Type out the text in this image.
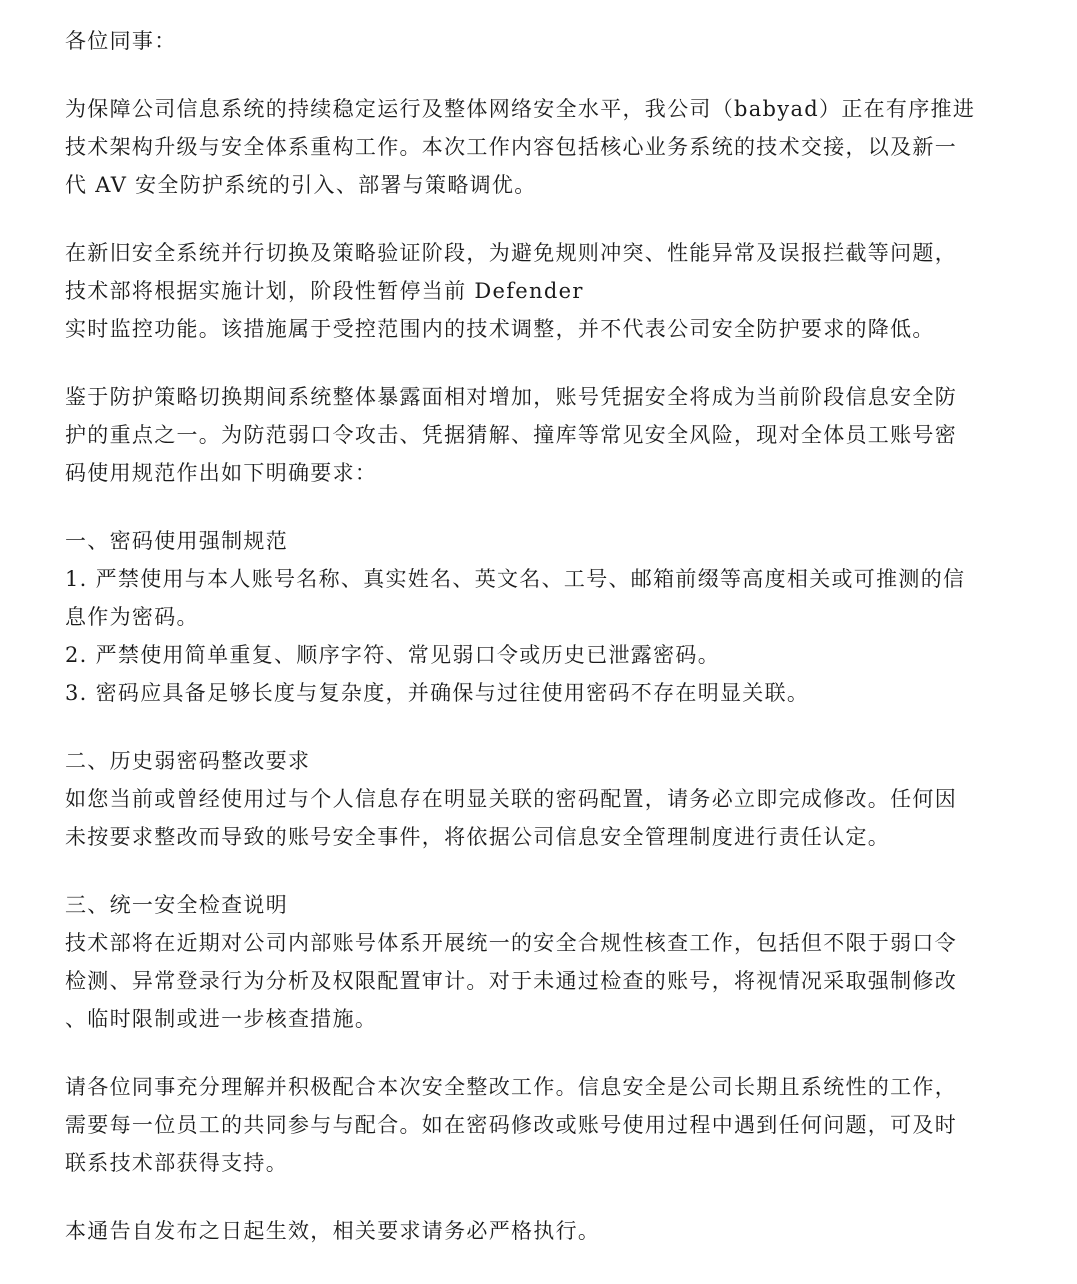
各位同事：
为保障公司信息系统的持续稳定运行及整体网络安全水平，我公司（babyad）正在有序推进
技术架构升级与安全体系重构工作。本次工作内容包括核心业务系统的技术交接，以及新一
代 AV 安全防护系统的引入、部署与策略调优。
在新旧安全系统并行切换及策略验证阶段，为避免规则冲突、性能异常及误报拦截等问题，
技术部将根据实施计划，阶段性暂停当前 Defender
实时监控功能。该措施属于受控范围内的技术调整，并不代表公司安全防护要求的降低。
鉴于防护策略切换期间系统整体暴露面相对增加，账号凭据安全将成为当前阶段信息安全防
护的重点之一。为防范弱口令攻击、凭据猜解、撞库等常见安全风险，现对全体员工账号密
码使用规范作出如下明确要求：
一、密码使用强制规范
1. 严禁使用与本人账号名称、真实姓名、英文名、工号、邮箱前缀等高度相关或可推测的信
息作为密码。
2. 严禁使用简单重复、顺序字符、常见弱口令或历史已泄露密码。
3. 密码应具备足够长度与复杂度，并确保与过往使用密码不存在明显关联。
二、历史弱密码整改要求
如您当前或曾经使用过与个人信息存在明显关联的密码配置，请务必立即完成修改。任何因
未按要求整改而导致的账号安全事件，将依据公司信息安全管理制度进行责任认定。
三、统一安全检查说明
技术部将在近期对公司内部账号体系开展统一的安全合规性核查工作，包括但不限于弱口令
检测、异常登录行为分析及权限配置审计。对于未通过检查的账号，将视情况采取强制修改
、临时限制或进一步核查措施。
请各位同事充分理解并积极配合本次安全整改工作。信息安全是公司长期且系统性的工作，
需要每一位员工的共同参与与配合。如在密码修改或账号使用过程中遇到任何问题，可及时
联系技术部获得支持。
本通告自发布之日起生效，相关要求请务必严格执行。
